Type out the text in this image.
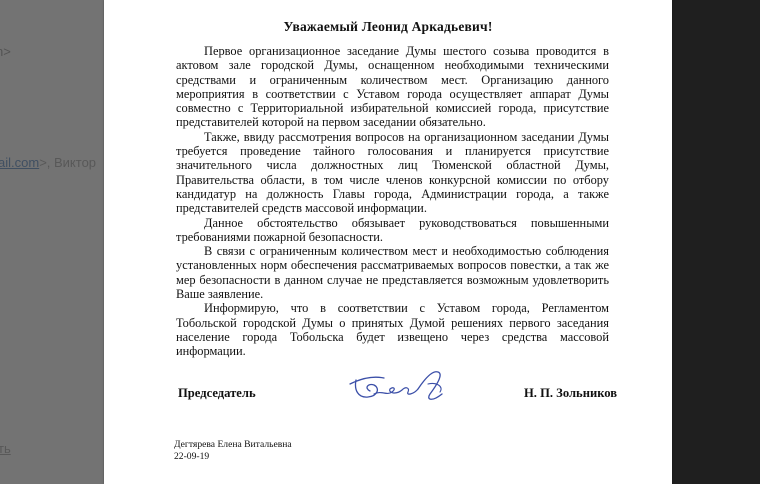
Уважаемый Леонид Аркадьевич!

Первое организационное заседание Думы шестого созыва проводится в актовом зале городской Думы, оснащенном необходимыми техническими средствами и ограниченным количеством мест. Организацию данного мероприятия в соответствии с Уставом города осуществляет аппарат Думы совместно с Территориальной избирательной комиссией города, присутствие представителей которой на первом заседании обязательно.

Также, ввиду рассмотрения вопросов на организационном заседании Думы требуется проведение тайного голосования и планируется присутствие значительного числа должностных лиц Тюменской областной Думы, Правительства области, в том числе членов конкурсной комиссии по отбору кандидатур на должность Главы города, Администрации города, а также представителей средств массовой информации.

Данное обстоятельство обязывает руководствоваться повышенными требованиями пожарной безопасности.

В связи с ограниченным количеством мест и необходимостью соблюдения установленных норм обеспечения рассматриваемых вопросов повестки, а так же мер безопасности в данном случае не представляется возможным удовлетворить Ваше заявление.

Информирую, что в соответствии с Уставом города, Регламентом Тобольской городской Думы о принятых Думой решениях первого заседания население города Тобольска будет извещено через средства массовой информации.

Председатель	Н. П. Зольников
Дегтярева Елена Витальевна
22-09-19
